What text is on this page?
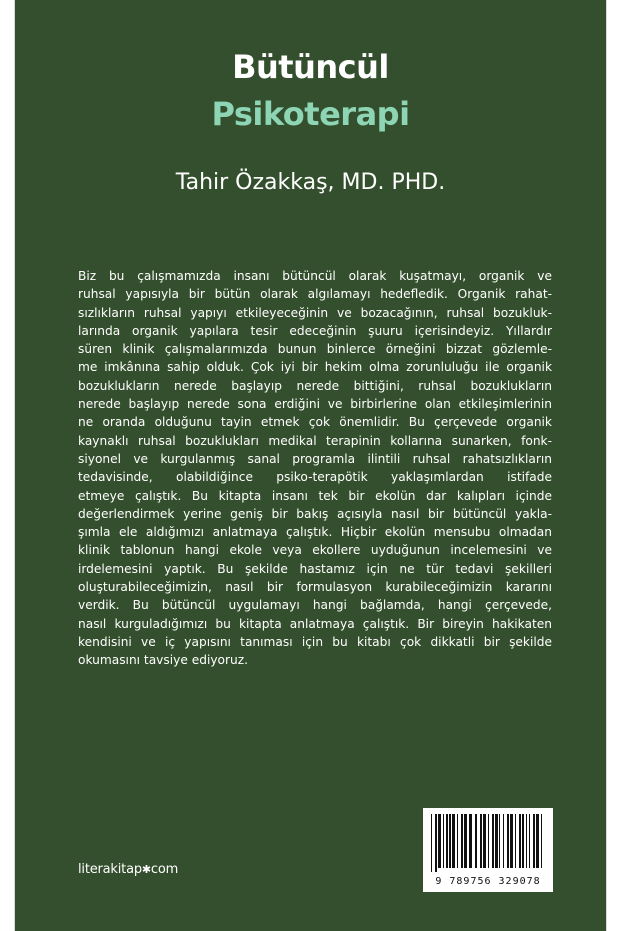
Bütüncül
Psikoterapi
Tahir Özakkaş, MD. PHD.
Biz bu çalışmamızda insanı bütüncül olarak kuşatmayı, organik ve
ruhsal yapısıyla bir bütün olarak algılamayı hedefledik. Organik rahat-
sızlıkların ruhsal yapıyı etkileyeceğinin ve bozacağının, ruhsal bozukluk-
larında organik yapılara tesir edeceğinin şuuru içerisindeyiz. Yıllardır
süren klinik çalışmalarımızda bunun binlerce örneğini bizzat gözlemle-
me imkânına sahip olduk. Çok iyi bir hekim olma zorunluluğu ile organik
bozuklukların nerede başlayıp nerede bittiğini, ruhsal bozuklukların
nerede başlayıp nerede sona erdiğini ve birbirlerine olan etkileşimlerinin
ne oranda olduğunu tayin etmek çok önemlidir. Bu çerçevede organik
kaynaklı ruhsal bozuklukları medikal terapinin kollarına sunarken, fonk-
siyonel ve kurgulanmış sanal programla ilintili ruhsal rahatsızlıkların
tedavisinde, olabildiğince psiko-terapötik yaklaşımlardan istifade
etmeye çalıştık. Bu kitapta insanı tek bir ekolün dar kalıpları içinde
değerlendirmek yerine geniş bir bakış açısıyla nasıl bir bütüncül yakla-
şımla ele aldığımızı anlatmaya çalıştık. Hiçbir ekolün mensubu olmadan
klinik tablonun hangi ekole veya ekollere uyduğunun incelemesini ve
irdelemesini yaptık. Bu şekilde hastamız için ne tür tedavi şekilleri
oluşturabileceğimizin, nasıl bir formulasyon kurabileceğimizin kararını
verdik. Bu bütüncül uygulamayı hangi bağlamda, hangi çerçevede,
nasıl kurguladığımızı bu kitapta anlatmaya çalıştık. Bir bireyin hakikaten
kendisini ve iç yapısını tanıması için bu kitabı çok dikkatli bir şekilde
okumasını tavsiye ediyoruz.
literakitap✱com
9 789756 329078
